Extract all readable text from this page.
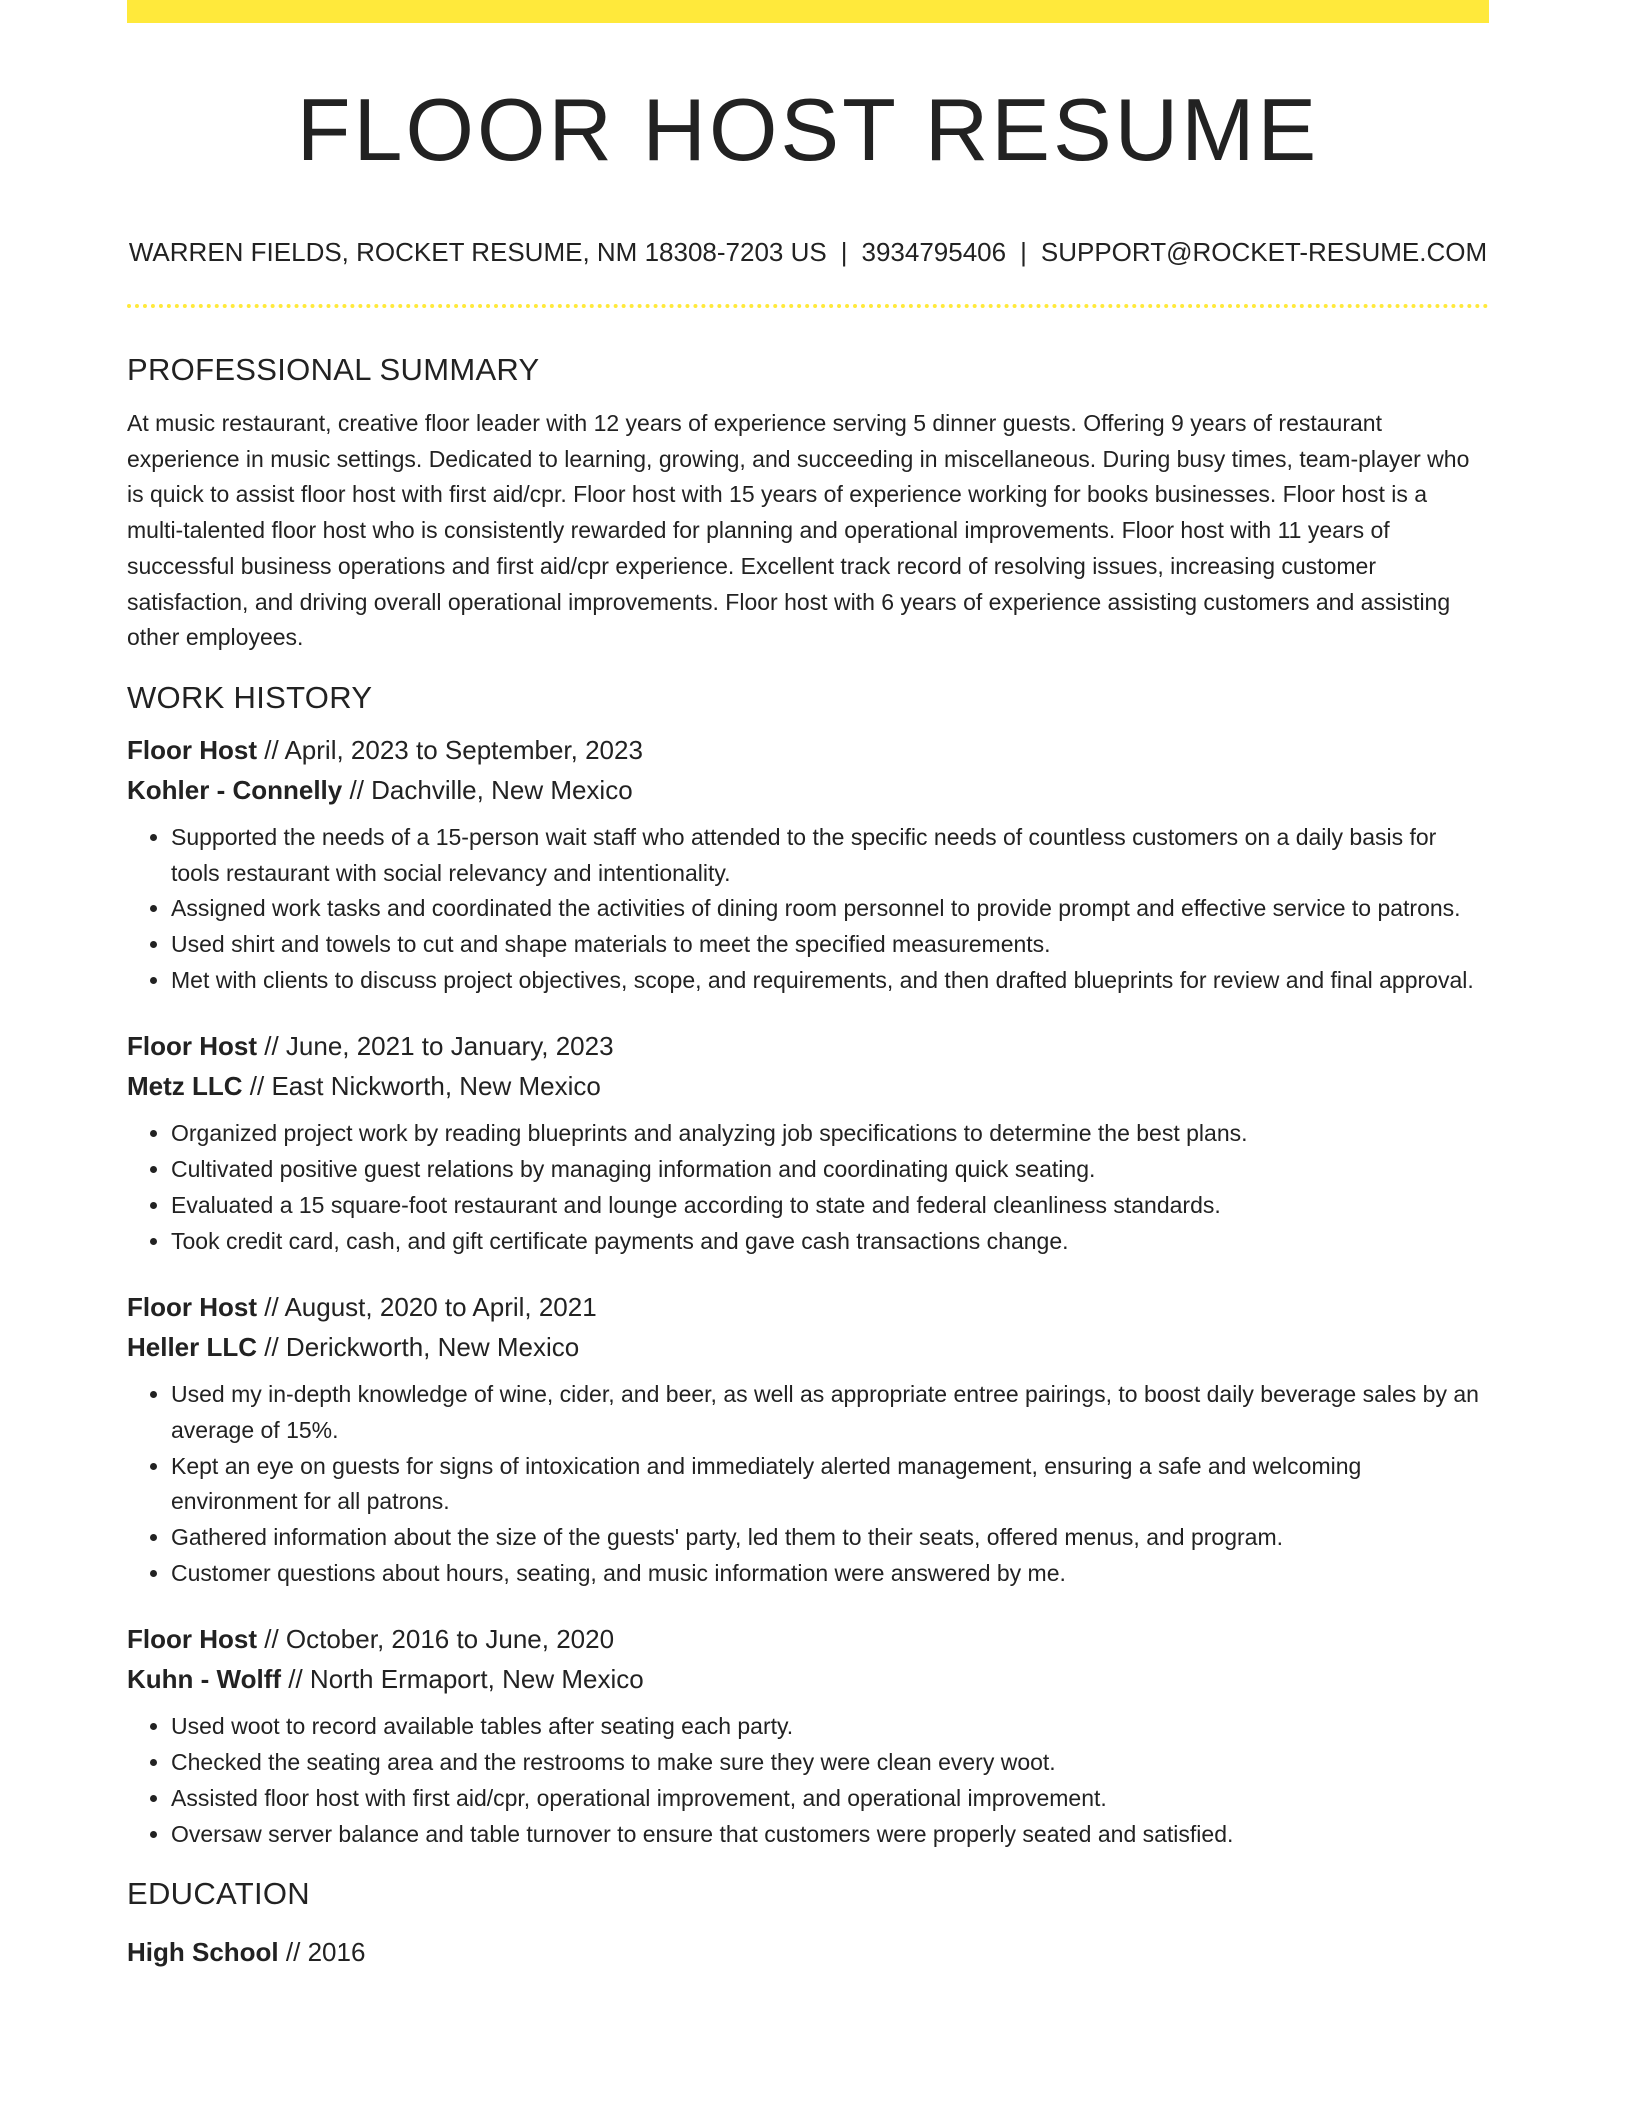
FLOOR HOST RESUME
WARREN FIELDS, ROCKET RESUME, NM 18308-7203 US | 3934795406 | SUPPORT@ROCKET-RESUME.COM
PROFESSIONAL SUMMARY

At music restaurant, creative floor leader with 12 years of experience serving 5 dinner guests. Offering 9 years of restaurant experience in music settings. Dedicated to learning, growing, and succeeding in miscellaneous. During busy times, team-player who is quick to assist floor host with first aid/cpr. Floor host with 15 years of experience working for books businesses. Floor host is a multi-talented floor host who is consistently rewarded for planning and operational improvements. Floor host with 11 years of successful business operations and first aid/cpr experience. Excellent track record of resolving issues, increasing customer satisfaction, and driving overall operational improvements. Floor host with 6 years of experience assisting customers and assisting other employees.

WORK HISTORY
Floor Host // April, 2023 to September, 2023
Kohler - Connelly // Dachville, New Mexico
• Supported the needs of a 15-person wait staff who attended to the specific needs of countless customers on a daily basis for tools restaurant with social relevancy and intentionality.
• Assigned work tasks and coordinated the activities of dining room personnel to provide prompt and effective service to patrons.
• Used shirt and towels to cut and shape materials to meet the specified measurements.
• Met with clients to discuss project objectives, scope, and requirements, and then drafted blueprints for review and final approval.
Floor Host // June, 2021 to January, 2023
Metz LLC // East Nickworth, New Mexico
• Organized project work by reading blueprints and analyzing job specifications to determine the best plans.
• Cultivated positive guest relations by managing information and coordinating quick seating.
• Evaluated a 15 square-foot restaurant and lounge according to state and federal cleanliness standards.
• Took credit card, cash, and gift certificate payments and gave cash transactions change.
Floor Host // August, 2020 to April, 2021
Heller LLC // Derickworth, New Mexico
• Used my in-depth knowledge of wine, cider, and beer, as well as appropriate entree pairings, to boost daily beverage sales by an average of 15%.
• Kept an eye on guests for signs of intoxication and immediately alerted management, ensuring a safe and welcoming environment for all patrons.
• Gathered information about the size of the guests' party, led them to their seats, offered menus, and program.
• Customer questions about hours, seating, and music information were answered by me.
Floor Host // October, 2016 to June, 2020
Kuhn - Wolff // North Ermaport, New Mexico
• Used woot to record available tables after seating each party.
• Checked the seating area and the restrooms to make sure they were clean every woot.
• Assisted floor host with first aid/cpr, operational improvement, and operational improvement.
• Oversaw server balance and table turnover to ensure that customers were properly seated and satisfied.
EDUCATION
High School // 2016
